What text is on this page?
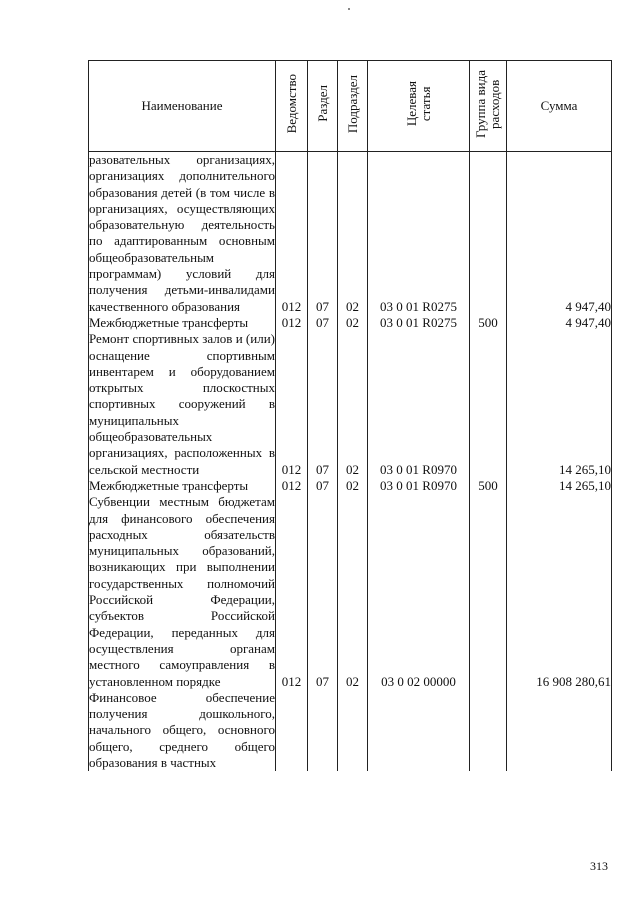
Наименование	Ведомство	Раздел	Подраздел	Целевая
статья	Группа вида
расходов	Сумма

разовательных организациях, организациях дополнительного образования детей (в том числе в организациях, осуществляющих образовательную деятельность по адаптированным основным общеобразовательным программам) условий для получения детьми-инвалидами качественного образования	012	07	02	03 0 01 R0275		4 947,40

Межбюджетные трансферты	012	07	02	03 0 01 R0275	500	4 947,40

Ремонт спортивных залов и (или) оснащение спортивным инвентарем и оборудованием открытых плоскостных спортивных сооружений в муниципальных общеобразовательных организациях, расположенных в сельской местности	012	07	02	03 0 01 R0970		14 265,10

Межбюджетные трансферты	012	07	02	03 0 01 R0970	500	14 265,10

Субвенции местным бюджетам для финансового обеспечения расходных обязательств муниципальных образований, возникающих при выполнении государственных полномочий Российской Федерации, субъектов Российской Федерации, переданных для осуществления органам местного самоуправления в установленном порядке	012	07	02	03 0 02 00000		16 908 280,61

Финансовое обеспечение получения дошкольного, начального общего, основного общего, среднего общего образования в частных						

313
